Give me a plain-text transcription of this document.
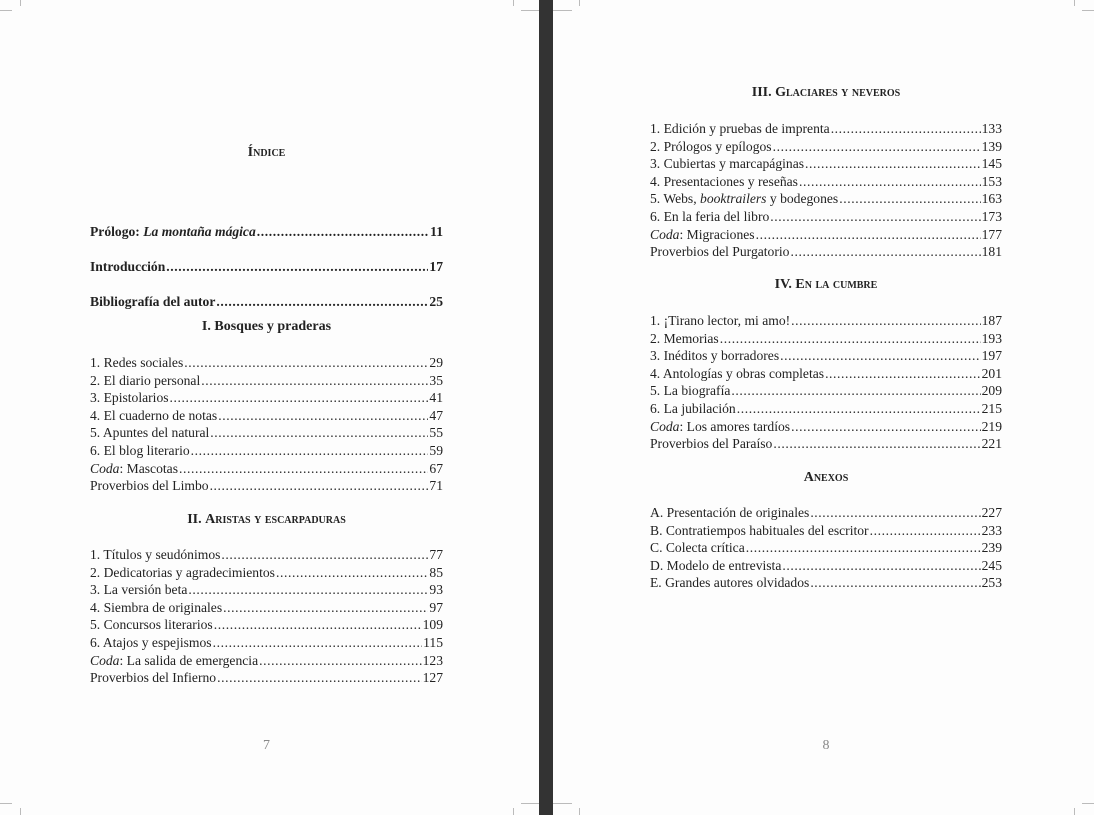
Índice
Prólogo: La montaña mágica .....	11
Introducción .....	17
Bibliografía del autor .....	25
I. Bosques y praderas
1. Redes sociales .....	29
2. El diario personal .....	35
3. Epistolarios .....	41
4. El cuaderno de notas .....	47
5. Apuntes del natural .....	55
6. El blog literario .....	59
Coda: Mascotas .....	67
Proverbios del Limbo .....	71
II. Aristas y escarpaduras
1. Títulos y seudónimos .....	77
2. Dedicatorias y agradecimientos .....	85
3. La versión beta .....	93
4. Siembra de originales .....	97
5. Concursos literarios .....	109
6. Atajos y espejismos .....	115
Coda: La salida de emergencia .....	123
Proverbios del Infierno .....	127
7
III. Glaciares y neveros
1. Edición y pruebas de imprenta .....	133
2. Prólogos y epílogos .....	139
3. Cubiertas y marcapáginas .....	145
4. Presentaciones y reseñas .....	153
5. Webs, booktrailers y bodegones .....	163
6. En la feria del libro .....	173
Coda: Migraciones .....	177
Proverbios del Purgatorio .....	181
IV. En la cumbre
1. ¡Tirano lector, mi amo! .....	187
2. Memorias .....	193
3. Inéditos y borradores .....	197
4. Antologías y obras completas .....	201
5. La biografía .....	209
6. La jubilación .....	215
Coda: Los amores tardíos .....	219
Proverbios del Paraíso .....	221
Anexos
A. Presentación de originales .....	227
B. Contratiempos habituales del escritor .....	233
C. Colecta crítica .....	239
D. Modelo de entrevista .....	245
E. Grandes autores olvidados .....	253
8
